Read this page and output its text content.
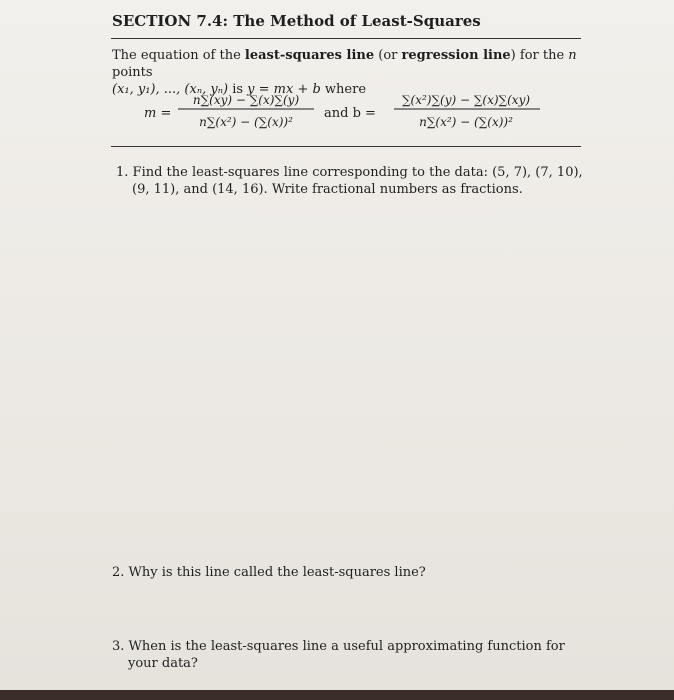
SECTION 7.4: The Method of Least-Squares
The equation of the least-squares line (or regression line) for the n points
(x₁, y₁), ..., (xₙ, yₙ) is y = mx + b where
m =
n∑(xy) − ∑(x)∑(y)
n∑(x²) − (∑(x))²
and b =
∑(x²)∑(y) − ∑(x)∑(xy)
n∑(x²) − (∑(x))²
1. Find the least-squares line corresponding to the data: (5, 7), (7, 10), (9, 11), and (14, 16). Write fractional numbers as fractions.
2. Why is this line called the least-squares line?
3. When is the least-squares line a useful approximating function for your data?
